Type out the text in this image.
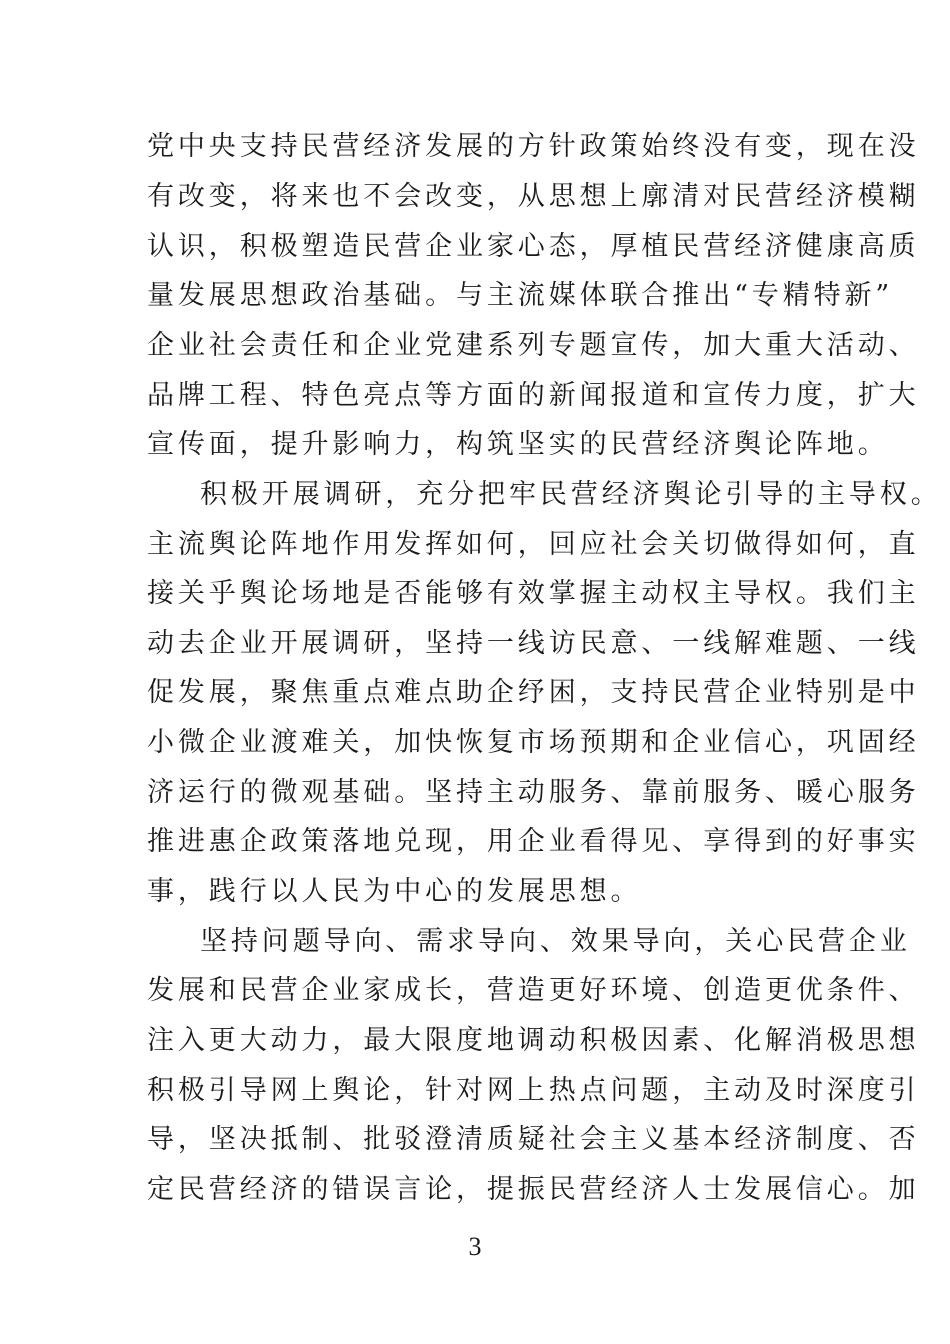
党中央支持民营经济发展的方针政策始终没有变，现在没
有改变，将来也不会改变，从思想上廓清对民营经济模糊
认识，积极塑造民营企业家心态，厚植民营经济健康高质
量发展思想政治基础。与主流媒体联合推出“专精特新”
企业社会责任和企业党建系列专题宣传，加大重大活动、
品牌工程、特色亮点等方面的新闻报道和宣传力度，扩大
宣传面，提升影响力，构筑坚实的民营经济舆论阵地。
积极开展调研，充分把牢民营经济舆论引导的主导权。
主流舆论阵地作用发挥如何，回应社会关切做得如何，直
接关乎舆论场地是否能够有效掌握主动权主导权。我们主
动去企业开展调研，坚持一线访民意、一线解难题、一线
促发展，聚焦重点难点助企纾困，支持民营企业特别是中
小微企业渡难关，加快恢复市场预期和企业信心，巩固经
济运行的微观基础。坚持主动服务、靠前服务、暖心服务
推进惠企政策落地兑现，用企业看得见、享得到的好事实
事，践行以人民为中心的发展思想。
坚持问题导向、需求导向、效果导向，关心民营企业
发展和民营企业家成长，营造更好环境、创造更优条件、
注入更大动力，最大限度地调动积极因素、化解消极思想
积极引导网上舆论，针对网上热点问题，主动及时深度引
导，坚决抵制、批驳澄清质疑社会主义基本经济制度、否
定民营经济的错误言论，提振民营经济人士发展信心。加
3
